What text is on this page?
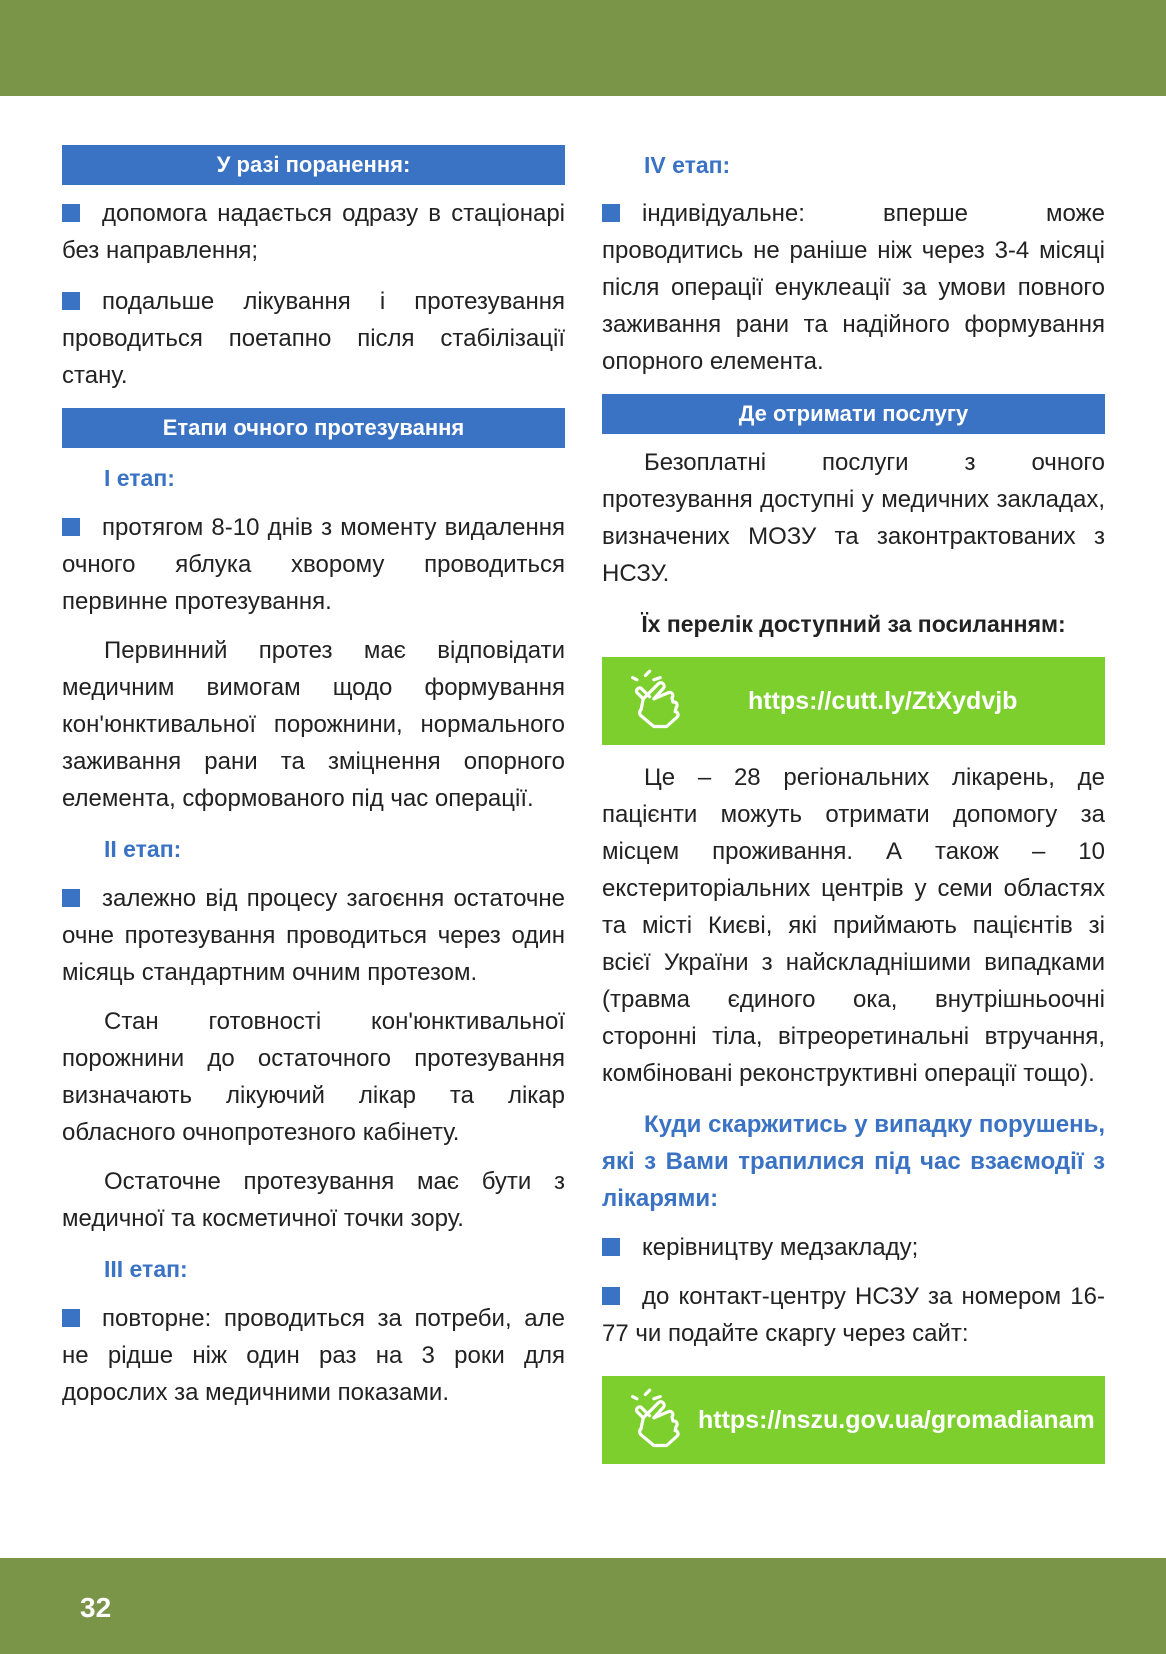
У разі поранення:

допомога надається одразу в стаціонарі без направлення;

подальше лікування і протезування проводиться поетапно після стабілізації стану.

Етапи очного протезування
I етап:

протягом 8-10 днів з моменту видалення очного яблука хворому проводиться первинне протезування.

Первинний протез має відповідати медичним вимогам щодо формування кон'юнктивальної порожнини, нормального заживання рани та зміцнення опорного елемента, сформованого під час операції.

II етап:

залежно від процесу загоєння остаточне очне протезування проводиться через один місяць стандартним очним протезом.

Стан готовності кон'юнктивальної порожнини до остаточного протезування визначають лікуючий лікар та лікар обласного очнопротезного кабінету.

Остаточне протезування має бути з медичної та косметичної точки зору.

III етап:

повторне: проводиться за потреби, але не рідше ніж один раз на 3 роки для дорослих за медичними показами.

IV етап:

індивідуальне: вперше може проводитись не раніше ніж через 3-4 місяці після операції енуклеації за умови повного заживання рани та надійного формування опорного елемента.

Де отримати послугу

Безоплатні послуги з очного протезування доступні у медичних закладах, визначених МОЗУ та законтрактованих з НСЗУ.

Їх перелік доступний за посиланням:
https://cutt.ly/ZtXydvjb

Це – 28 регіональних лікарень, де пацієнти можуть отримати допомогу за місцем проживання. А також – 10 екстериторіальних центрів у семи областях та місті Києві, які приймають пацієнтів зі всієї України з найскладнішими випадками (травма єдиного ока, внутрішньоочні сторонні тіла, вітреоретинальні втручання, комбіновані реконструктивні операції тощо).

Куди скаржитись у випадку порушень, які з Вами трапилися під час взаємодії з лікарями:

керівництву медзакладу;

до контакт-центру НСЗУ за номером 16-77 чи подайте скаргу через сайт:

https://nszu.gov.ua/gromadianam
32
